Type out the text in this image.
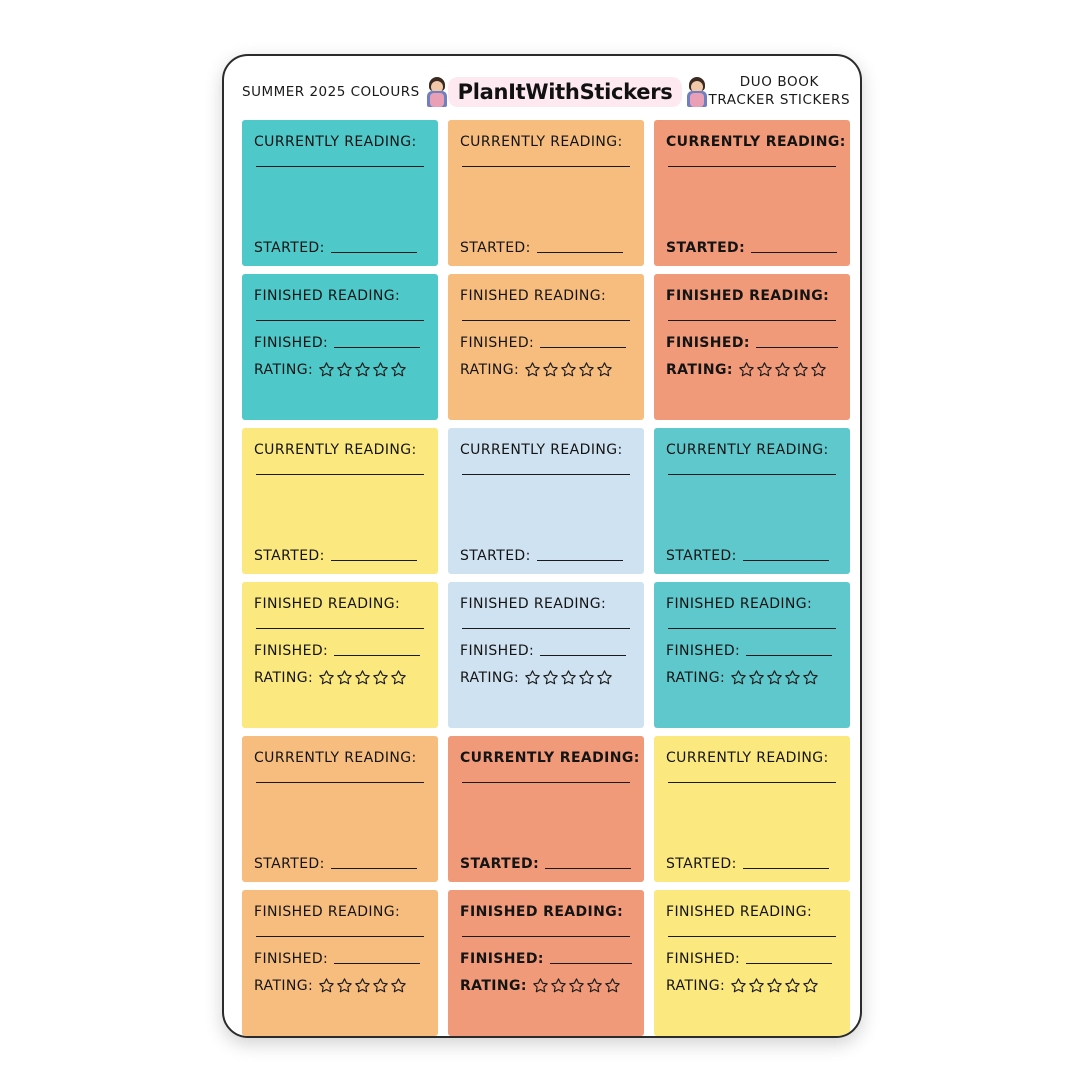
SUMMER 2025 COLOURS	PlanItWithStickers	DUO BOOK
TRACKER STICKERS
CURRENTLY READING:
STARTED:
CURRENTLY READING:
STARTED:
CURRENTLY READING:
STARTED:
FINISHED READING:
FINISHED:
RATING:
FINISHED READING:
FINISHED:
RATING:
FINISHED READING:
FINISHED:
RATING:
CURRENTLY READING:
STARTED:
CURRENTLY READING:
STARTED:
CURRENTLY READING:
STARTED:
FINISHED READING:
FINISHED:
RATING:
FINISHED READING:
FINISHED:
RATING:
FINISHED READING:
FINISHED:
RATING:
CURRENTLY READING:
STARTED:
CURRENTLY READING:
STARTED:
CURRENTLY READING:
STARTED:
FINISHED READING:
FINISHED:
RATING:
FINISHED READING:
FINISHED:
RATING:
FINISHED READING:
FINISHED:
RATING:
